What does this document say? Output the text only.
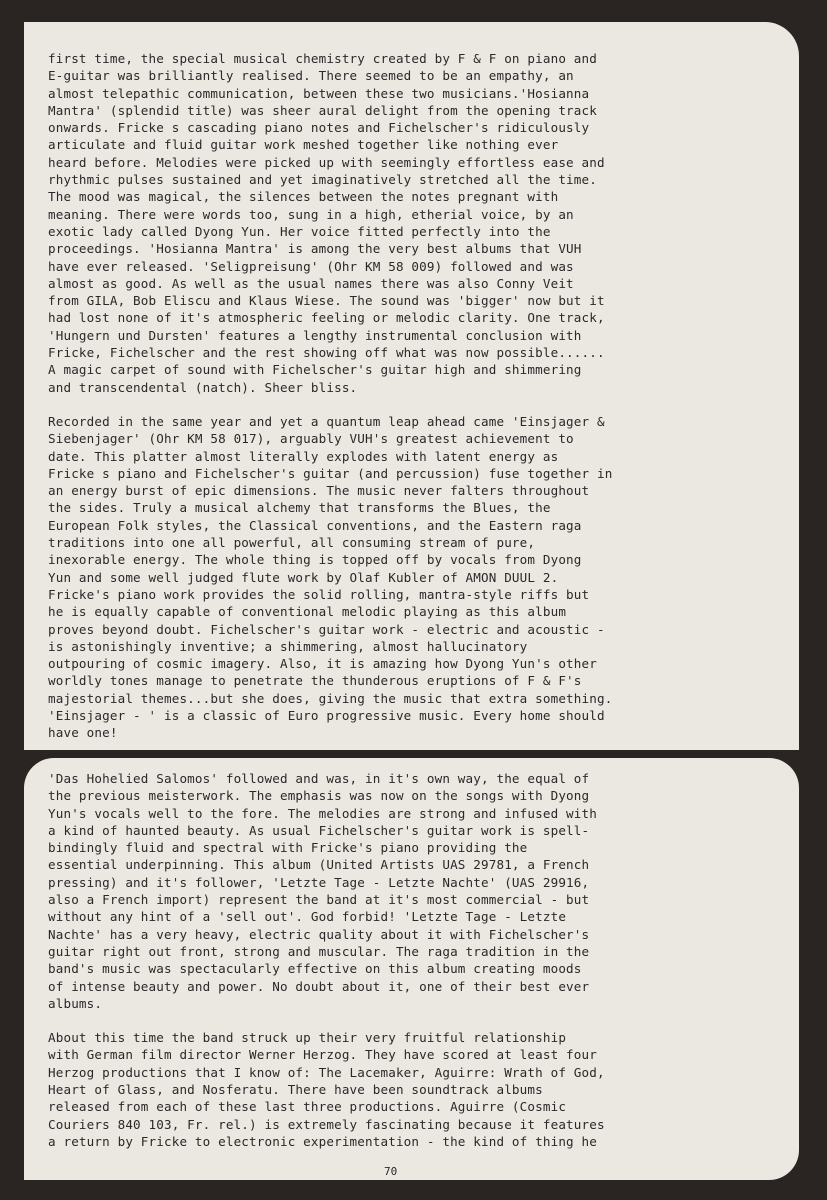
first time, the special musical chemistry created by F & F on piano and
E-guitar was brilliantly realised. There seemed to be an empathy, an
almost telepathic communication, between these two musicians.'Hosianna
Mantra' (splendid title) was sheer aural delight from the opening track
onwards. Fricke s cascading piano notes and Fichelscher's ridiculously
articulate and fluid guitar work meshed together like nothing ever
heard before. Melodies were picked up with seemingly effortless ease and
rhythmic pulses sustained and yet imaginatively stretched all the time.
The mood was magical, the silences between the notes pregnant with
meaning. There were words too, sung in a high, etherial voice, by an
exotic lady called Dyong Yun. Her voice fitted perfectly into the
proceedings. 'Hosianna Mantra' is among the very best albums that VUH
have ever released. 'Seligpreisung' (Ohr KM 58 009) followed and was
almost as good. As well as the usual names there was also Conny Veit
from GILA, Bob Eliscu and Klaus Wiese. The sound was 'bigger' now but it
had lost none of it's atmospheric feeling or melodic clarity. One track,
'Hungern und Dursten' features a lengthy instrumental conclusion with
Fricke, Fichelscher and the rest showing off what was now possible......
A magic carpet of sound with Fichelscher's guitar high and shimmering
and transcendental (natch). Sheer bliss.

Recorded in the same year and yet a quantum leap ahead came 'Einsjager &
Siebenjager' (Ohr KM 58 017), arguably VUH's greatest achievement to
date. This platter almost literally explodes with latent energy as
Fricke s piano and Fichelscher's guitar (and percussion) fuse together in
an energy burst of epic dimensions. The music never falters throughout
the sides. Truly a musical alchemy that transforms the Blues, the
European Folk styles, the Classical conventions, and the Eastern raga
traditions into one all powerful, all consuming stream of pure,
inexorable energy. The whole thing is topped off by vocals from Dyong
Yun and some well judged flute work by Olaf Kubler of AMON DUUL 2.
Fricke's piano work provides the solid rolling, mantra-style riffs but
he is equally capable of conventional melodic playing as this album
proves beyond doubt. Fichelscher's guitar work - electric and acoustic -
is astonishingly inventive; a shimmering, almost hallucinatory
outpouring of cosmic imagery. Also, it is amazing how Dyong Yun's other
worldly tones manage to penetrate the thunderous eruptions of F & F's
majestorial themes...but she does, giving the music that extra something.
'Einsjager - ' is a classic of Euro progressive music. Every home should
have one!

'Das Hohelied Salomos' followed and was, in it's own way, the equal of
the previous meisterwork. The emphasis was now on the songs with Dyong
Yun's vocals well to the fore. The melodies are strong and infused with
a kind of haunted beauty. As usual Fichelscher's guitar work is spell-
bindingly fluid and spectral with Fricke's piano providing the
essential underpinning. This album (United Artists UAS 29781, a French
pressing) and it's follower, 'Letzte Tage - Letzte Nachte' (UAS 29916,
also a French import) represent the band at it's most commercial - but
without any hint of a 'sell out'. God forbid! 'Letzte Tage - Letzte
Nachte' has a very heavy, electric quality about it with Fichelscher's
guitar right out front, strong and muscular. The raga tradition in the
band's music was spectacularly effective on this album creating moods
of intense beauty and power. No doubt about it, one of their best ever
albums.

About this time the band struck up their very fruitful relationship
with German film director Werner Herzog. They have scored at least four
Herzog productions that I know of: The Lacemaker, Aguirre: Wrath of God,
Heart of Glass, and Nosferatu. There have been soundtrack albums
released from each of these last three productions. Aguirre (Cosmic
Couriers 840 103, Fr. rel.) is extremely fascinating because it features
a return by Fricke to electronic experimentation - the kind of thing he

70
